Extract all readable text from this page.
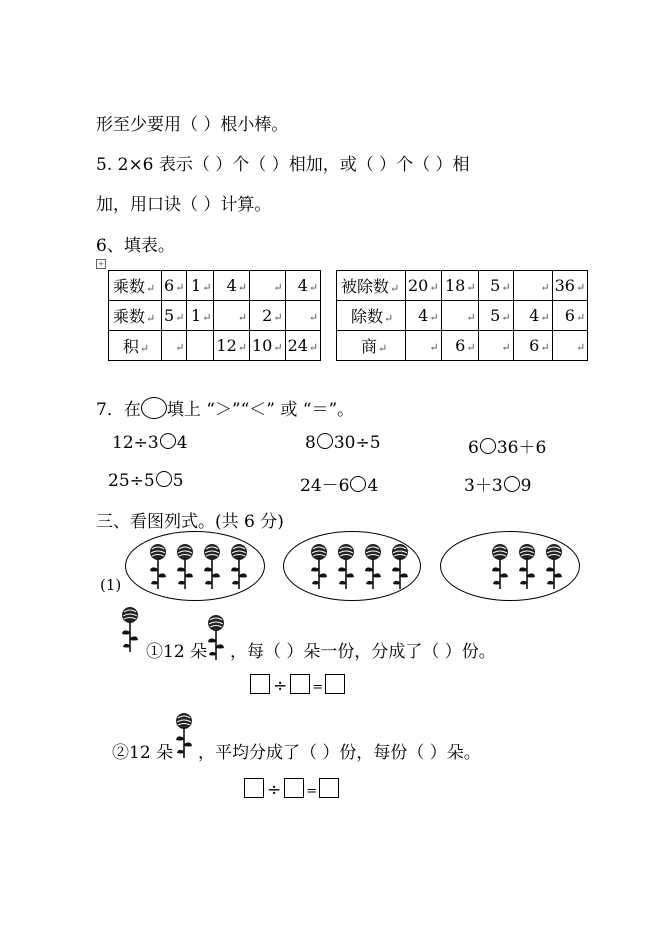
形至少要用（ ）根小棒。
5. 2×6 表示（ ）个（ ）相加，或（ ）个（ ）相
加，用口诀（ ）计算。
6、填表。
+
乘数↵	6↵	1↵	4↵	↵	4↵
乘数↵	5↵	1↵	↵	2↵	↵
积↵	↵		12↵	10↵	24↵
被除数↵	20↵	18↵	5↵	↵	36↵
除数↵	4↵	↵	5↵	4↵	6↵
商↵	↵	6↵	↵	6↵	↵
7．在 填上 “＞”“＜” 或 “＝”。
12÷3 4	8 30÷5	6 36＋6
25÷5 5	24－6 4	3＋3 9
三、看图列式。(共 6 分)
(1)
①12 朵 ，每（ ）朵一份，分成了（ ）份。
÷ =
②12 朵 ，平均分成了（ ）份，每份（ ）朵。
÷ =
